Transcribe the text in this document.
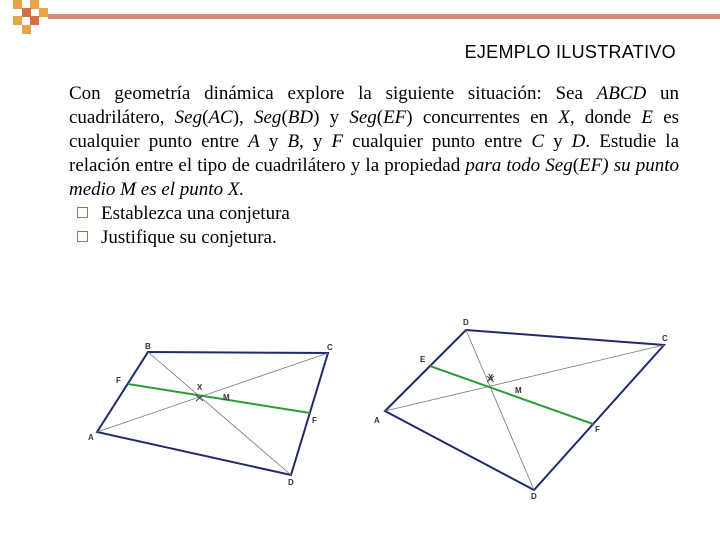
EJEMPLO ILUSTRATIVO

Con geometría dinámica explore la siguiente situación: Sea ABCD un cuadrilátero, Seg(AC), Seg(BD) y Seg(EF) concurrentes en X, donde E es cualquier punto entre A y B, y F cualquier punto entre C y D. Estudie la relación entre el tipo de cuadrilátero y la propiedad para todo Seg(EF) su punto medio M es el punto X.

Establezca una conjetura
Justifique su conjetura.
A
B	C
D
F
F
X
M
A
D
C
D
E
F
X
M
